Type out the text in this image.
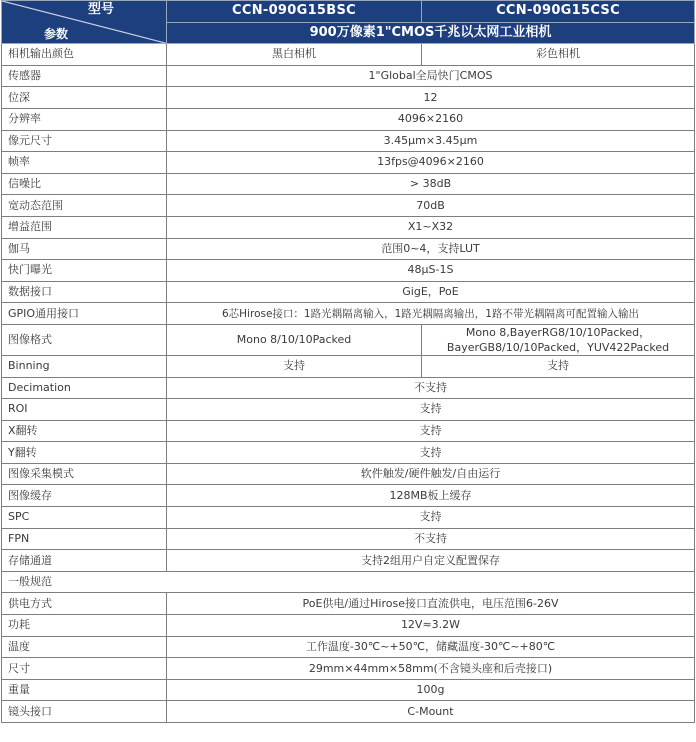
型号
参数	CCN-090G15BSC	CCN-090G15CSC
	900万像素1"CMOS千兆以太网工业相机	
相机输出颜色	黑白相机	彩色相机
传感器	1"Global全局快门CMOS	
位深	12	
分辨率	4096×2160	
像元尺寸	3.45μm×3.45μm	
帧率	13fps@4096×2160	
信噪比	> 38dB	
宽动态范围	70dB	
增益范围	X1~X32	
伽马	范围0~4，支持LUT	
快门曝光	48μS-1S	
数据接口	GigE，PoE	
GPIO通用接口	6芯Hirose接口：1路光耦隔离输入，1路光耦隔离输出，1路不带光耦隔离可配置输入输出	
图像格式	Mono 8/10/10Packed	Mono 8,BayerRG8/10/10Packed，
BayerGB8/10/10Packed，YUV422Packed

Binning	支持	支持
Decimation	不支持	
ROI	支持	
X翻转	支持	
Y翻转	支持	
图像采集模式	软件触发/硬件触发/自由运行	
图像缓存	128MB板上缓存	
SPC	支持	
FPN	不支持	
存储通道	支持2组用户自定义配置保存	
一般规范		
供电方式	PoE供电/通过Hirose接口直流供电，电压范围6-26V	
功耗	12V≈3.2W	
温度	工作温度-30℃~+50℃，储藏温度-30℃~+80℃	
尺寸	29mm×44mm×58mm(不含镜头座和后壳接口)	
重量	100g	
镜头接口	C-Mount	
